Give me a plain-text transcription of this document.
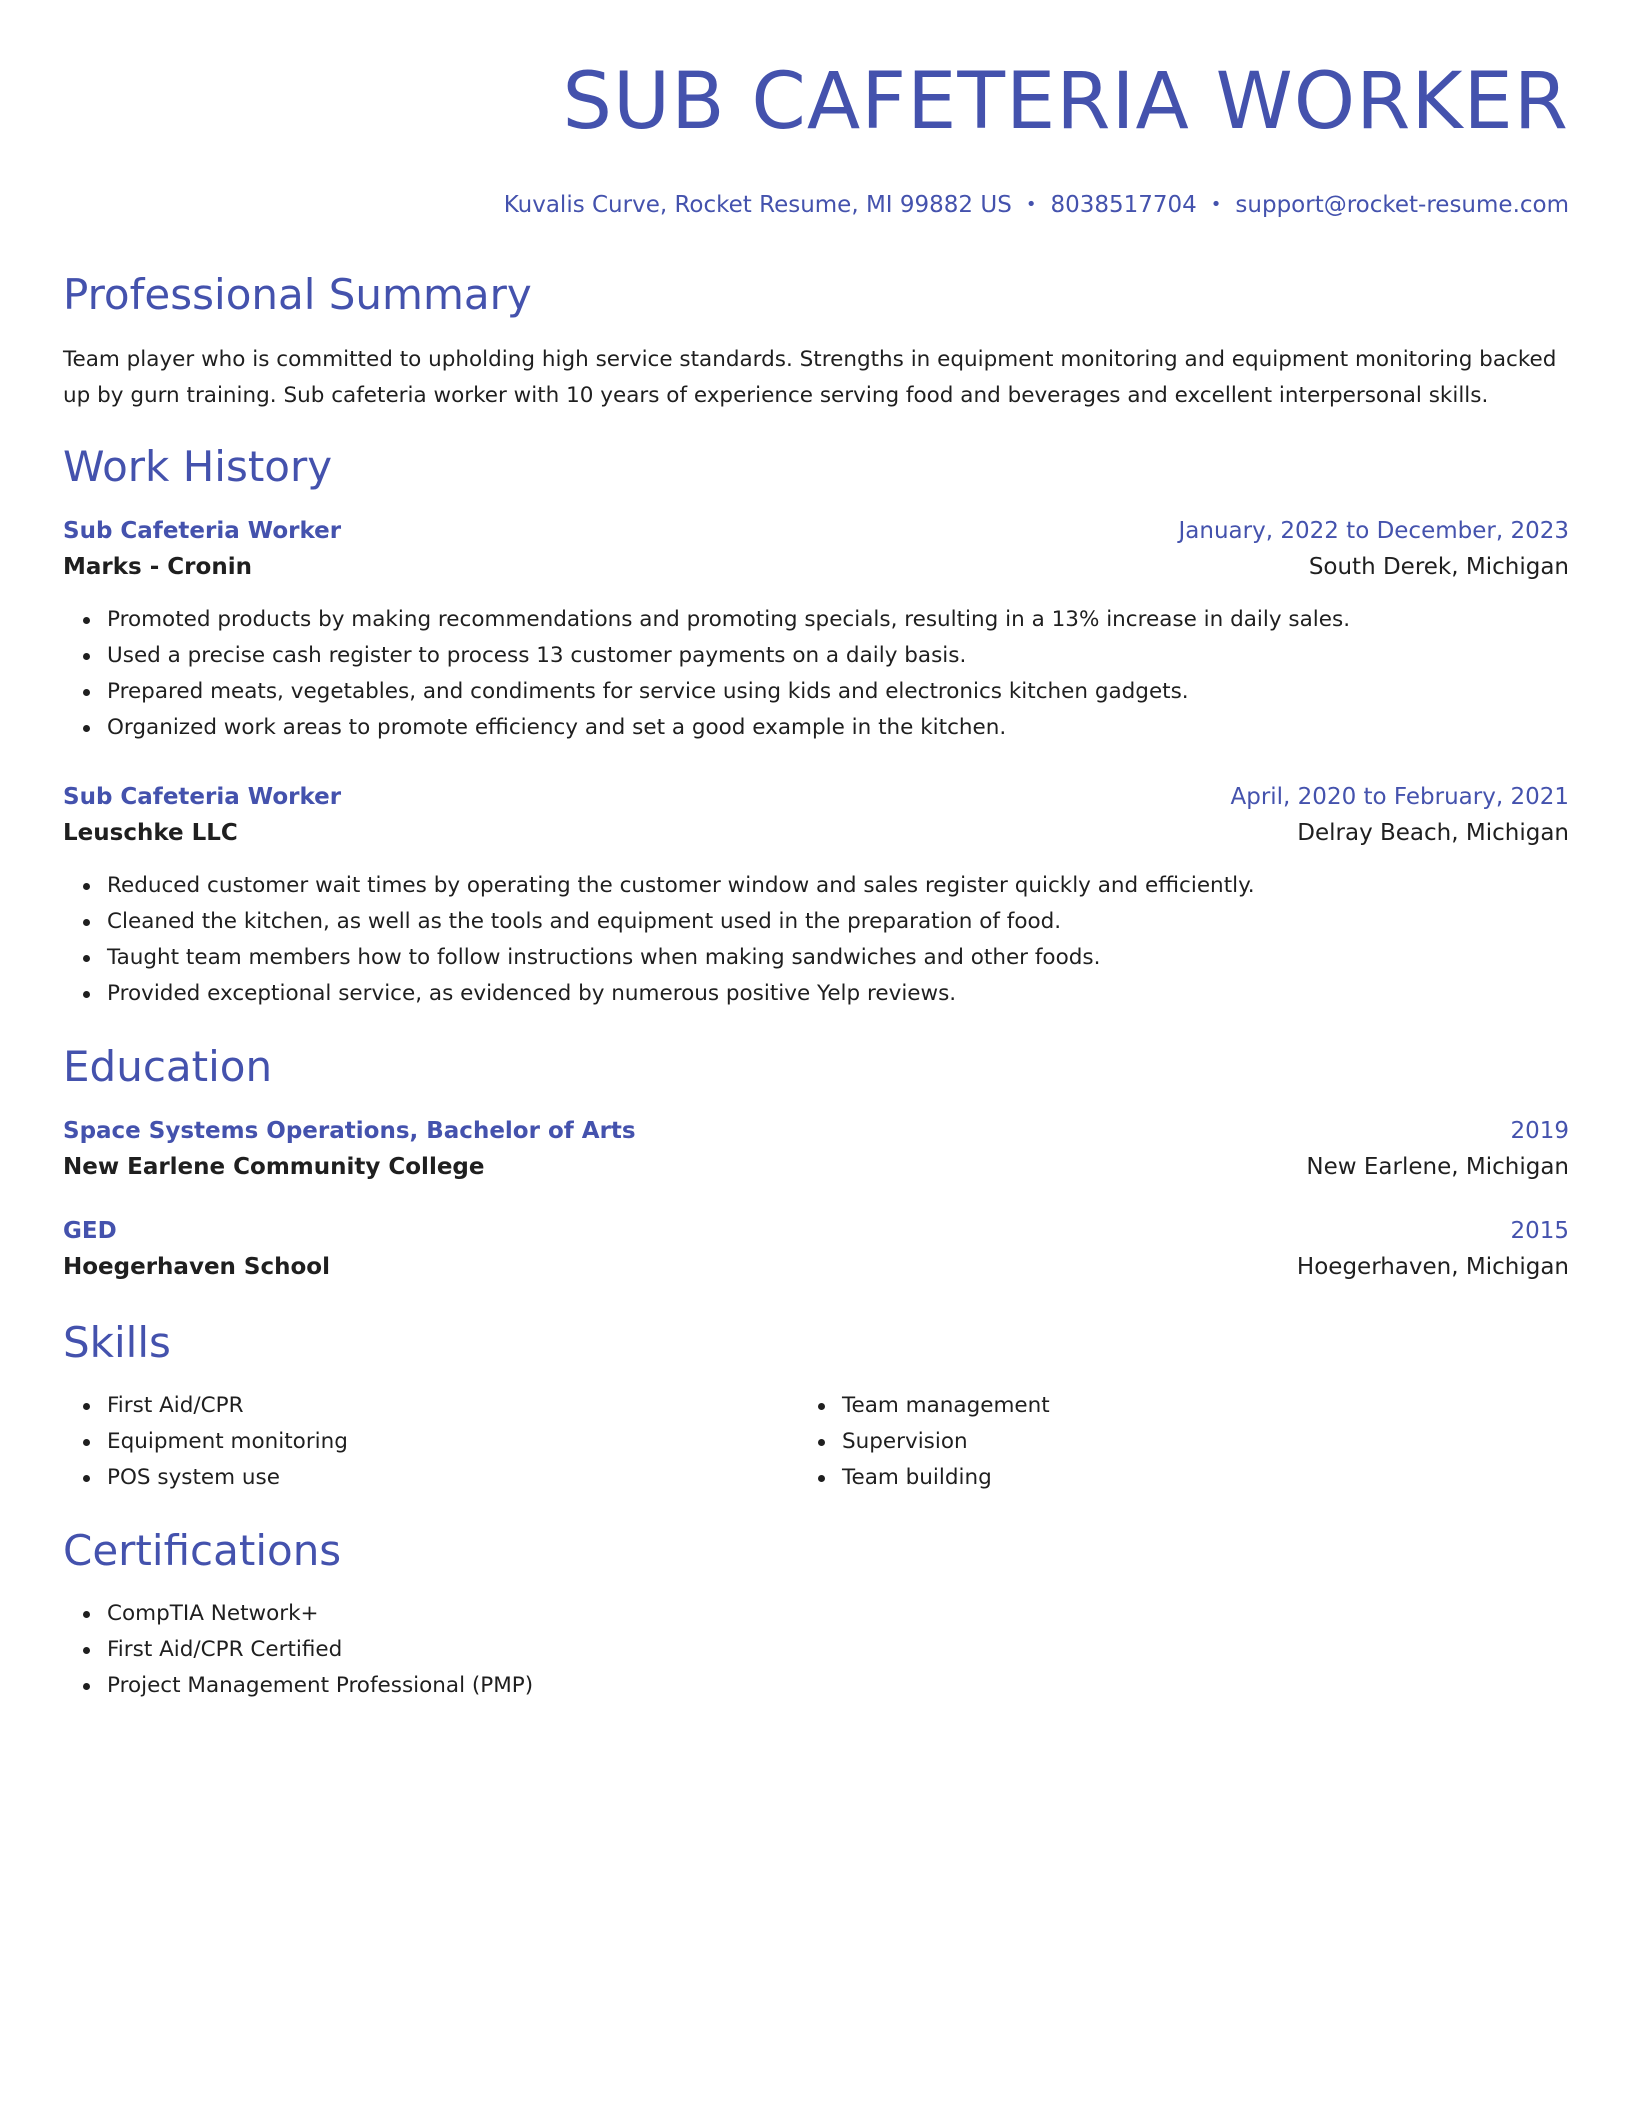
SUB CAFETERIA WORKER
Kuvalis Curve, Rocket Resume, MI 99882 US • 8038517704 • support@rocket-resume.com
Professional Summary
Team player who is committed to upholding high service standards. Strengths in equipment monitoring and equipment monitoring backed up by gurn training. Sub cafeteria worker with 10 years of experience serving food and beverages and excellent interpersonal skills.
Work History
Sub Cafeteria Worker	January, 2022 to December, 2023
Marks - Cronin	South Derek, Michigan
Promoted products by making recommendations and promoting specials, resulting in a 13% increase in daily sales.
Used a precise cash register to process 13 customer payments on a daily basis.
Prepared meats, vegetables, and condiments for service using kids and electronics kitchen gadgets.
Organized work areas to promote efficiency and set a good example in the kitchen.
Sub Cafeteria Worker	April, 2020 to February, 2021
Leuschke LLC	Delray Beach, Michigan
Reduced customer wait times by operating the customer window and sales register quickly and efficiently.
Cleaned the kitchen, as well as the tools and equipment used in the preparation of food.
Taught team members how to follow instructions when making sandwiches and other foods.
Provided exceptional service, as evidenced by numerous positive Yelp reviews.
Education
Space Systems Operations, Bachelor of Arts	2019
New Earlene Community College	New Earlene, Michigan
GED	2015
Hoegerhaven School	Hoegerhaven, Michigan
Skills
First Aid/CPR
Equipment monitoring
POS system use
Team management
Supervision
Team building
Certifications
CompTIA Network+
First Aid/CPR Certified
Project Management Professional (PMP)
